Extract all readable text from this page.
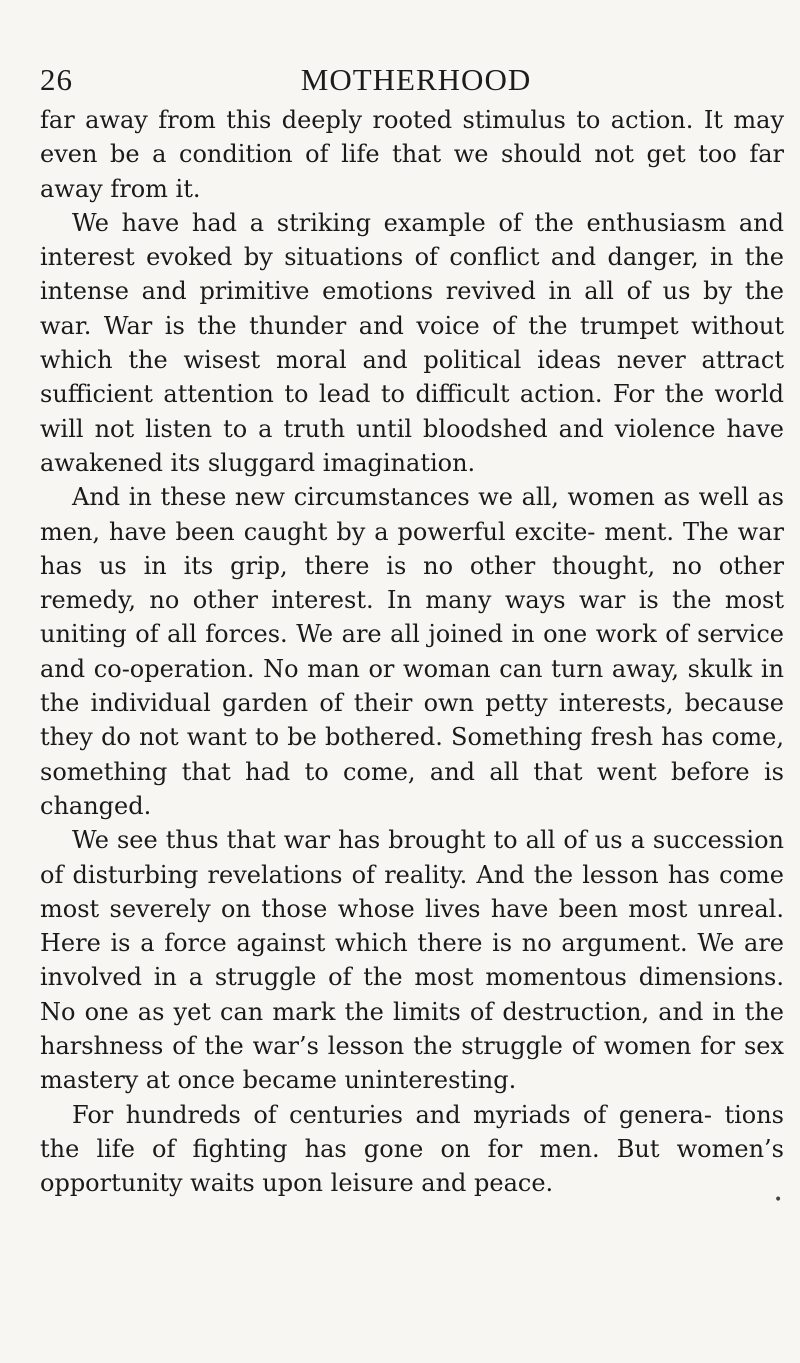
26	MOTHERHOOD

far away from this deeply rooted stimulus to action. It may even be a condition of life that we should not get too far away from it.

We have had a striking example of the enthusiasm and interest evoked by situations of conflict and danger, in the intense and primitive emotions revived in all of us by the war. War is the thunder and voice of the trumpet without which the wisest moral and political ideas never attract sufficient attention to lead to difficult action. For the world will not listen to a truth until bloodshed and violence have awakened its sluggard imagination.

And in these new circumstances we all, women as well as men, have been caught by a powerful excite- ment. The war has us in its grip, there is no other thought, no other remedy, no other interest. In many ways war is the most uniting of all forces. We are all joined in one work of service and co-operation. No man or woman can turn away, skulk in the individual garden of their own petty interests, because they do not want to be bothered. Something fresh has come, something that had to come, and all that went before is changed.

We see thus that war has brought to all of us a succession of disturbing revelations of reality. And the lesson has come most severely on those whose lives have been most unreal. Here is a force against which there is no argument. We are involved in a struggle of the most momentous dimensions. No one as yet can mark the limits of destruction, and in the harshness of the war’s lesson the struggle of women for sex mastery at once became uninteresting.

For hundreds of centuries and myriads of genera- tions the life of fighting has gone on for men. But women’s opportunity waits upon leisure and peace.

•
